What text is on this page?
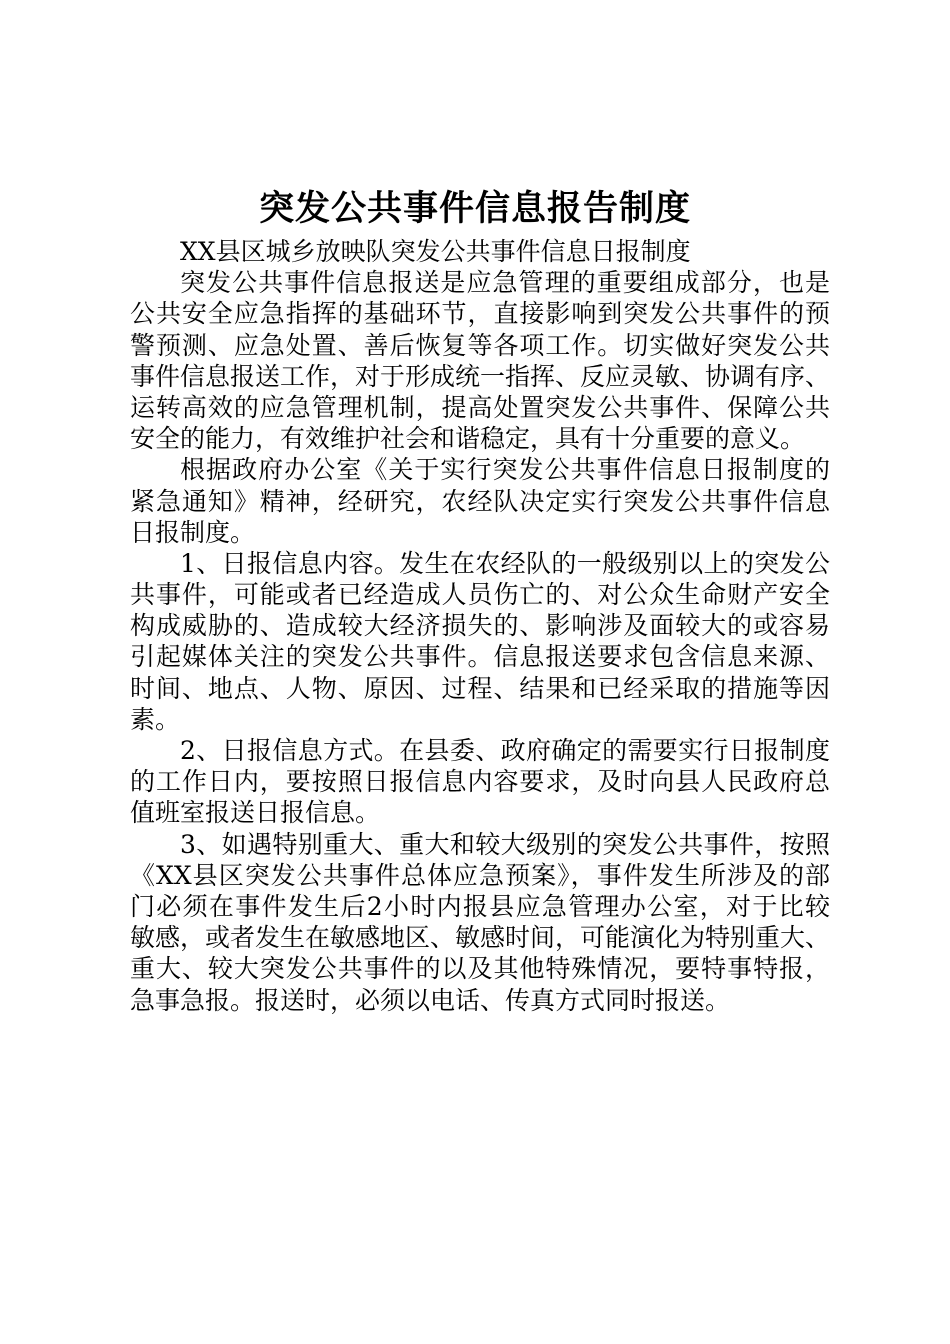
突发公共事件信息报告制度
XX县区城乡放映队突发公共事件信息日报制度
突发公共事件信息报送是应急管理的重要组成部分，也是
公共安全应急指挥的基础环节，直接影响到突发公共事件的预
警预测、应急处置、善后恢复等各项工作。切实做好突发公共
事件信息报送工作，对于形成统一指挥、反应灵敏、协调有序、
运转高效的应急管理机制，提高处置突发公共事件、保障公共
安全的能力，有效维护社会和谐稳定，具有十分重要的意义。
根据政府办公室《关于实行突发公共事件信息日报制度的
紧急通知》精神，经研究，农经队决定实行突发公共事件信息
日报制度。
1、日报信息内容。发生在农经队的一般级别以上的突发公
共事件，可能或者已经造成人员伤亡的、对公众生命财产安全
构成威胁的、造成较大经济损失的、影响涉及面较大的或容易
引起媒体关注的突发公共事件。信息报送要求包含信息来源、
时间、地点、人物、原因、过程、结果和已经采取的措施等因
素。
2、日报信息方式。在县委、政府确定的需要实行日报制度
的工作日内，要按照日报信息内容要求，及时向县人民政府总
值班室报送日报信息。
3、如遇特别重大、重大和较大级别的突发公共事件，按照
《XX县区突发公共事件总体应急预案》，事件发生所涉及的部
门必须在事件发生后2小时内报县应急管理办公室，对于比较
敏感，或者发生在敏感地区、敏感时间，可能演化为特别重大、
重大、较大突发公共事件的以及其他特殊情况，要特事特报，
急事急报。报送时，必须以电话、传真方式同时报送。
